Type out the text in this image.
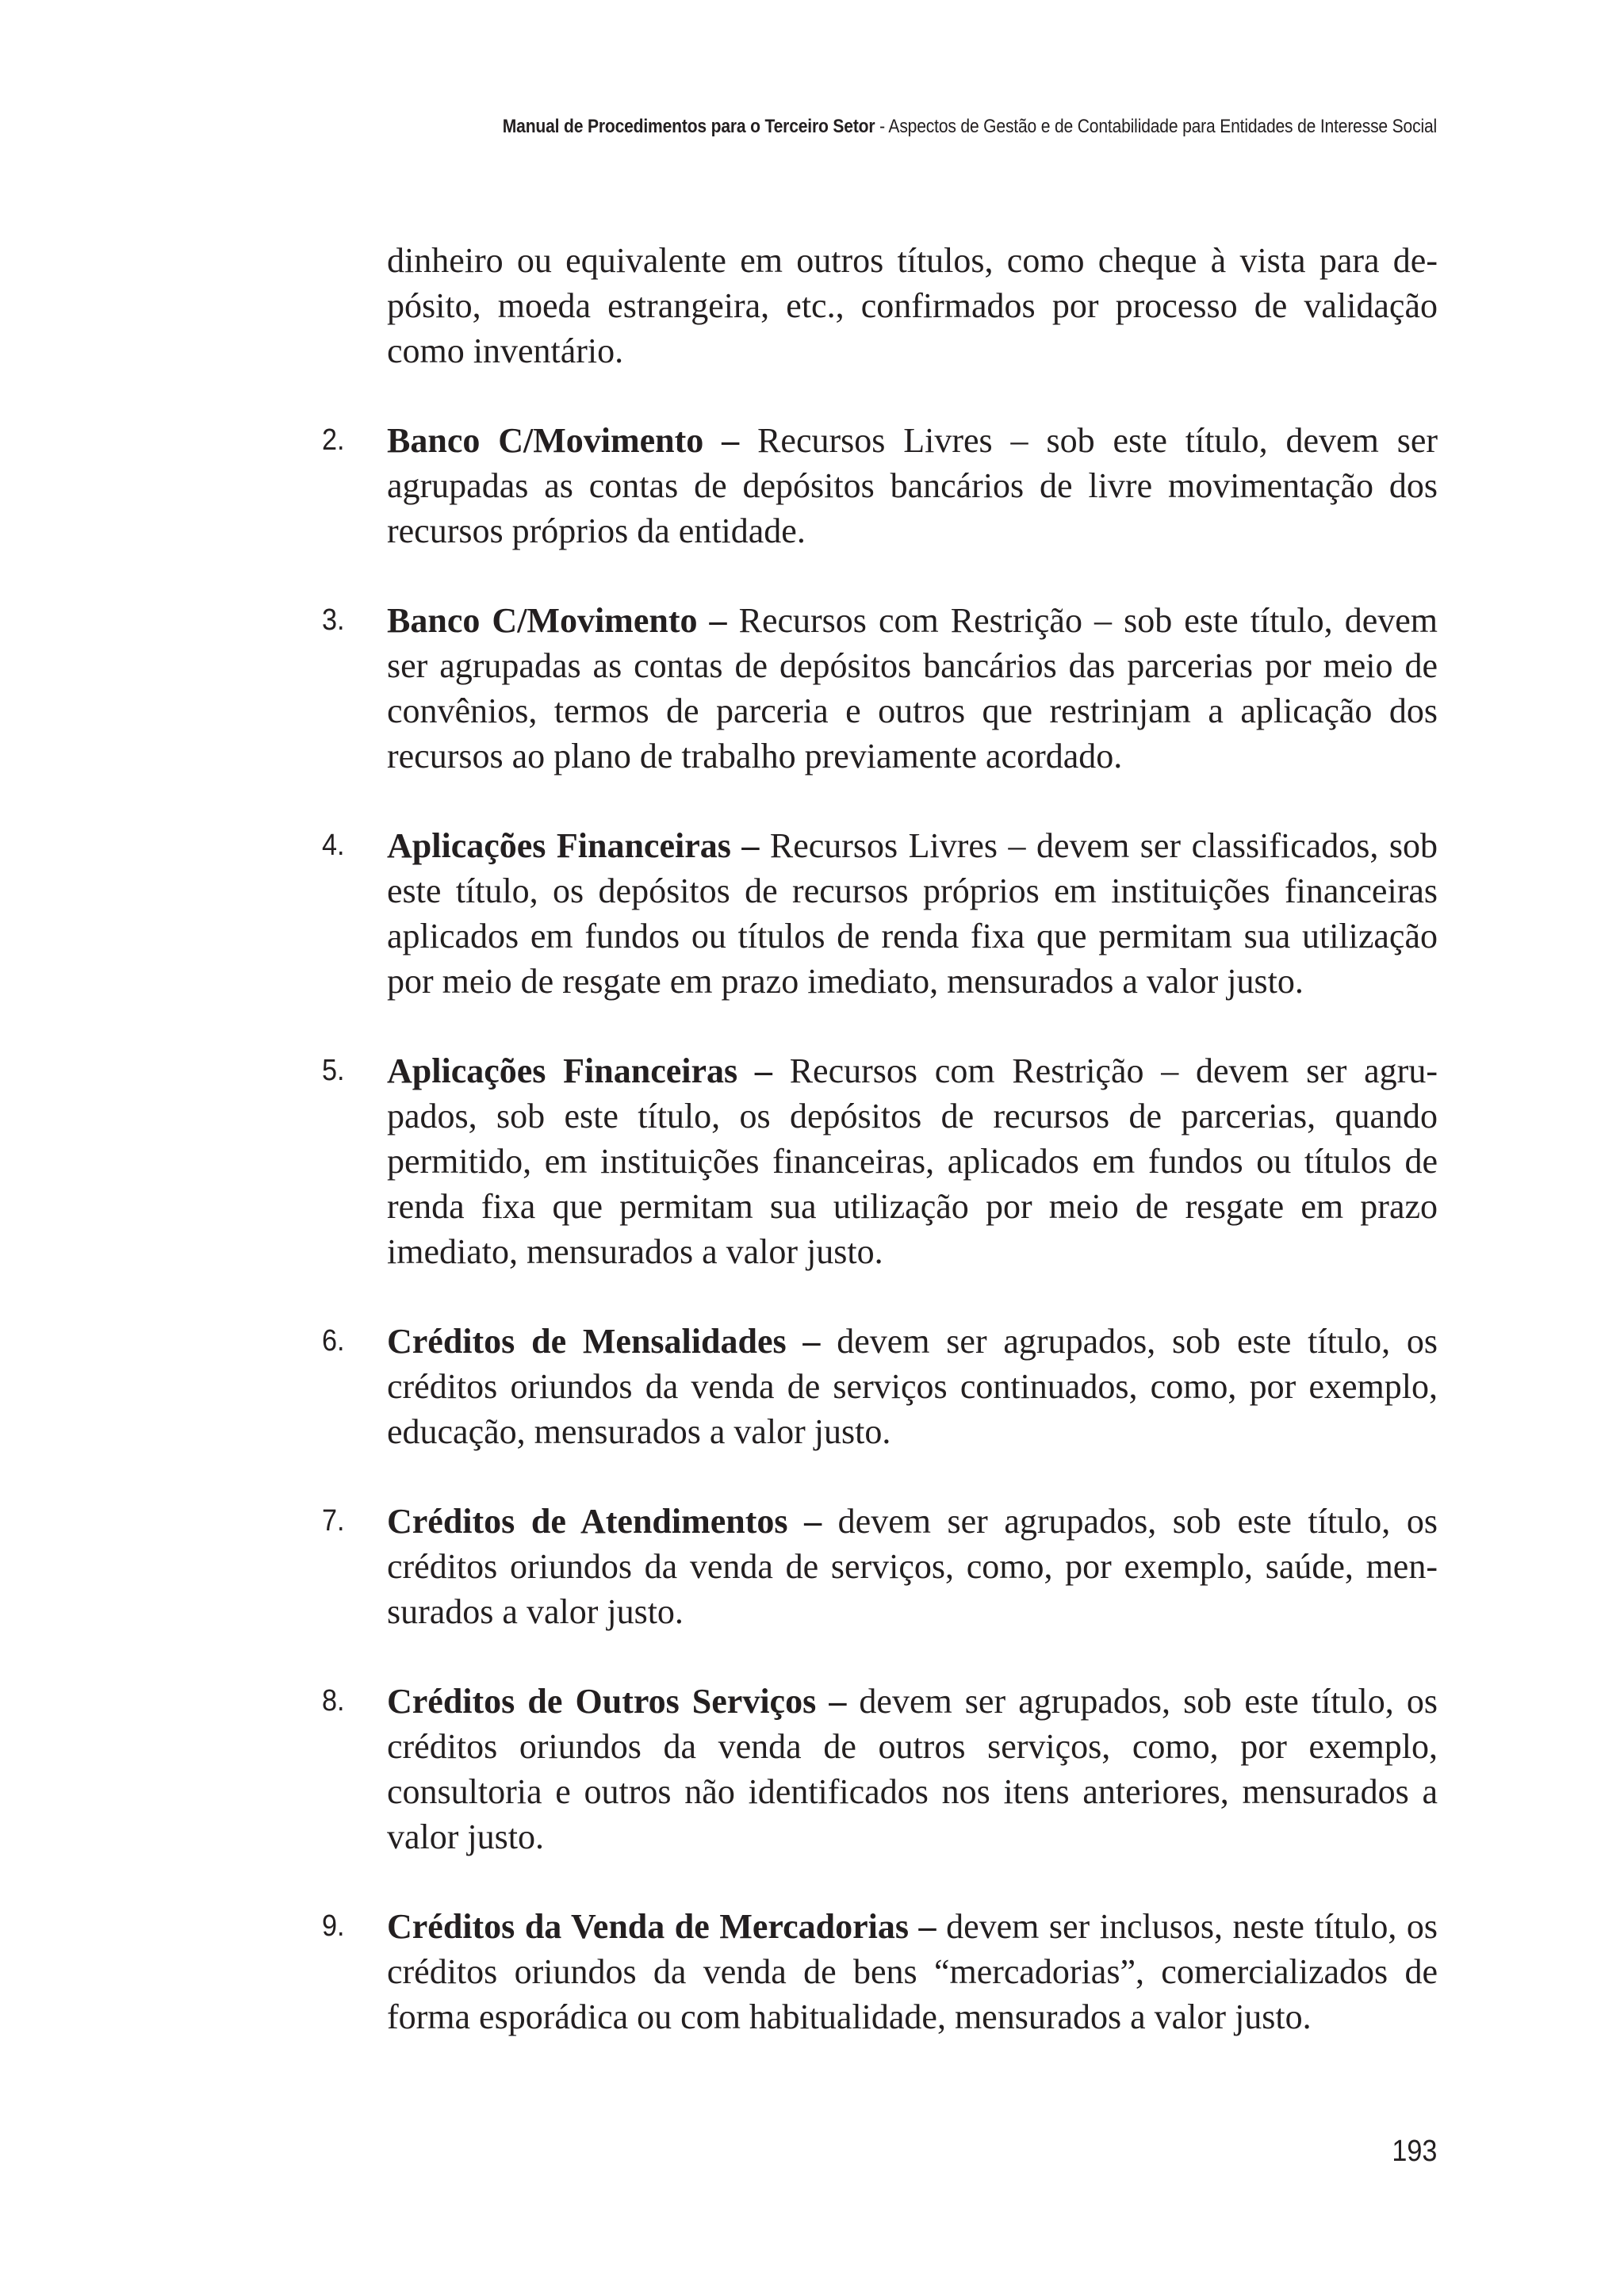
Manual de Procedimentos para o Terceiro Setor - Aspectos de Gestão e de Contabilidade para Entidades de Interesse Social

dinheiro ou equivalente em outros títulos, como cheque à vista para depósito, moeda estrangeira, etc., confirmados por processo de validação como inventário.

2. Banco C/Movimento – Recursos Livres – sob este título, devem ser agrupadas as contas de depósitos bancários de livre movimentação dos recursos próprios da entidade.
3. Banco C/Movimento – Recursos com Restrição – sob este título, devem ser agrupadas as contas de depósitos bancários das parcerias por meio de convênios, termos de parceria e outros que restrinjam a aplicação dos recursos ao plano de trabalho previamente acordado.
4. Aplicações Financeiras – Recursos Livres – devem ser classificados, sob este título, os depósitos de recursos próprios em instituições financeiras aplicados em fundos ou títulos de renda fixa que permitam sua utilização por meio de resgate em prazo imediato, mensurados a valor justo.
5. Aplicações Financeiras – Recursos com Restrição – devem ser agrupados, sob este título, os depósitos de recursos de parcerias, quando permitido, em instituições financeiras, aplicados em fundos ou títulos de renda fixa que permitam sua utilização por meio de resgate em prazo imediato, mensurados a valor justo.
6. Créditos de Mensalidades – devem ser agrupados, sob este título, os créditos oriundos da venda de serviços continuados, como, por exemplo, educação, mensurados a valor justo.
7. Créditos de Atendimentos – devem ser agrupados, sob este título, os créditos oriundos da venda de serviços, como, por exemplo, saúde, mensurados a valor justo.
8. Créditos de Outros Serviços – devem ser agrupados, sob este título, os créditos oriundos da venda de outros serviços, como, por exemplo, consultoria e outros não identificados nos itens anteriores, mensurados a valor justo.
9. Créditos da Venda de Mercadorias – devem ser inclusos, neste título, os créditos oriundos da venda de bens “mercadorias”, comercializados de forma esporádica ou com habitualidade, mensurados a valor justo.
193
